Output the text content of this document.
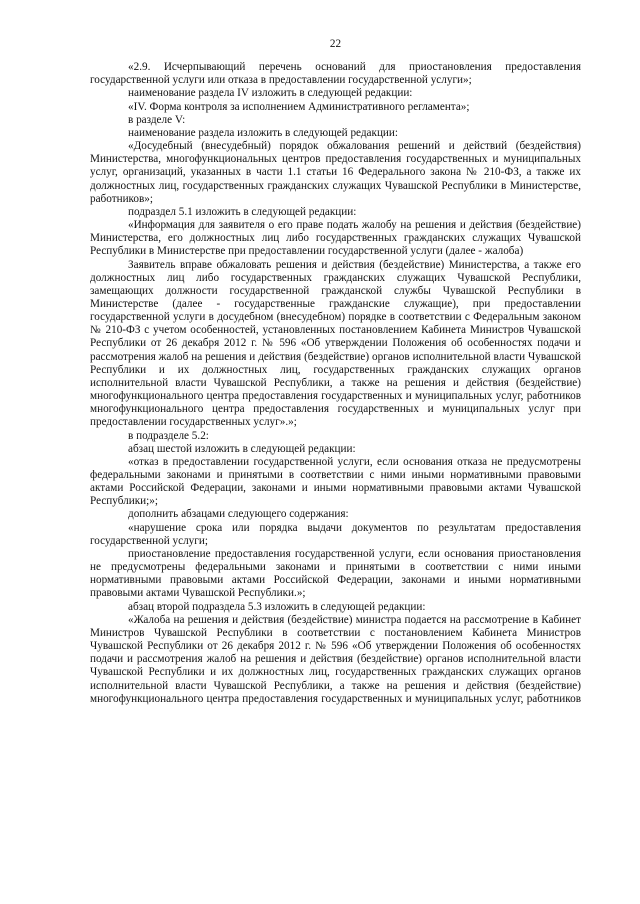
22

«2.9. Исчерпывающий перечень оснований для приостановления предоставления государственной услуги или отказа в предоставлении государственной услуги»;

наименование раздела IV изложить в следующей редакции:

«IV. Форма контроля за исполнением Административного регламента»;

в разделе V:

наименование раздела изложить в следующей редакции:

«Досудебный (внесудебный) порядок обжалования решений и действий (бездействия) Министерства, многофункциональных центров предоставления государственных и муниципальных услуг, организаций, указанных в части 1.1 статьи 16 Федерального закона № 210-ФЗ, а также их должностных лиц, государственных гражданских служащих Чувашской Республики в Министерстве, работников»;

подраздел 5.1 изложить в следующей редакции:

«Информация для заявителя о его праве подать жалобу на решения и действия (бездействие) Министерства, его должностных лиц либо государственных гражданских служащих Чувашской Республики в Министерстве при предоставлении государственной услуги (далее - жалоба)

Заявитель вправе обжаловать решения и действия (бездействие) Министерства, а также его должностных лиц либо государственных гражданских служащих Чувашской Республики, замещающих должности государственной гражданской службы Чувашской Республики в Министерстве (далее - государственные гражданские служащие), при предоставлении государственной услуги в досудебном (внесудебном) порядке в соответствии с Федеральным законом № 210-ФЗ с учетом особенностей, установленных постановлением Кабинета Министров Чувашской Республики от 26 декабря 2012 г. № 596 «Об утверждении Положения об особенностях подачи и рассмотрения жалоб на решения и действия (бездействие) органов исполнительной власти Чувашской Республики и их должностных лиц, государственных гражданских служащих органов исполнительной власти Чувашской Республики, а также на решения и действия (бездействие) многофункционального центра предоставления государственных и муниципальных услуг, работников многофункционального центра предоставления государственных и муниципальных услуг при предоставлении государственных услуг».»;

в подразделе 5.2:

абзац шестой изложить в следующей редакции:

«отказ в предоставлении государственной услуги, если основания отказа не предусмотрены федеральными законами и принятыми в соответствии с ними иными нормативными правовыми актами Российской Федерации, законами и иными нормативными правовыми актами Чувашской Республики;»;

дополнить абзацами следующего содержания:

«нарушение срока или порядка выдачи документов по результатам предоставления государственной услуги;

приостановление предоставления государственной услуги, если основания приостановления не предусмотрены федеральными законами и принятыми в соответствии с ними иными нормативными правовыми актами Российской Федерации, законами и иными нормативными правовыми актами Чувашской Республики.»;

абзац второй подраздела 5.3 изложить в следующей редакции:

«Жалоба на решения и действия (бездействие) министра подается на рассмотрение в Кабинет Министров Чувашской Республики в соответствии с постановлением Кабинета Министров Чувашской Республики от 26 декабря 2012 г. № 596 «Об утверждении Положения об особенностях подачи и рассмотрения жалоб на решения и действия (бездействие) органов исполнительной власти Чувашской Республики и их должностных лиц, государственных гражданских служащих органов исполнительной власти Чувашской Республики, а также на решения и действия (бездействие) многофункционального центра предоставления государственных и муниципальных услуг, работников
